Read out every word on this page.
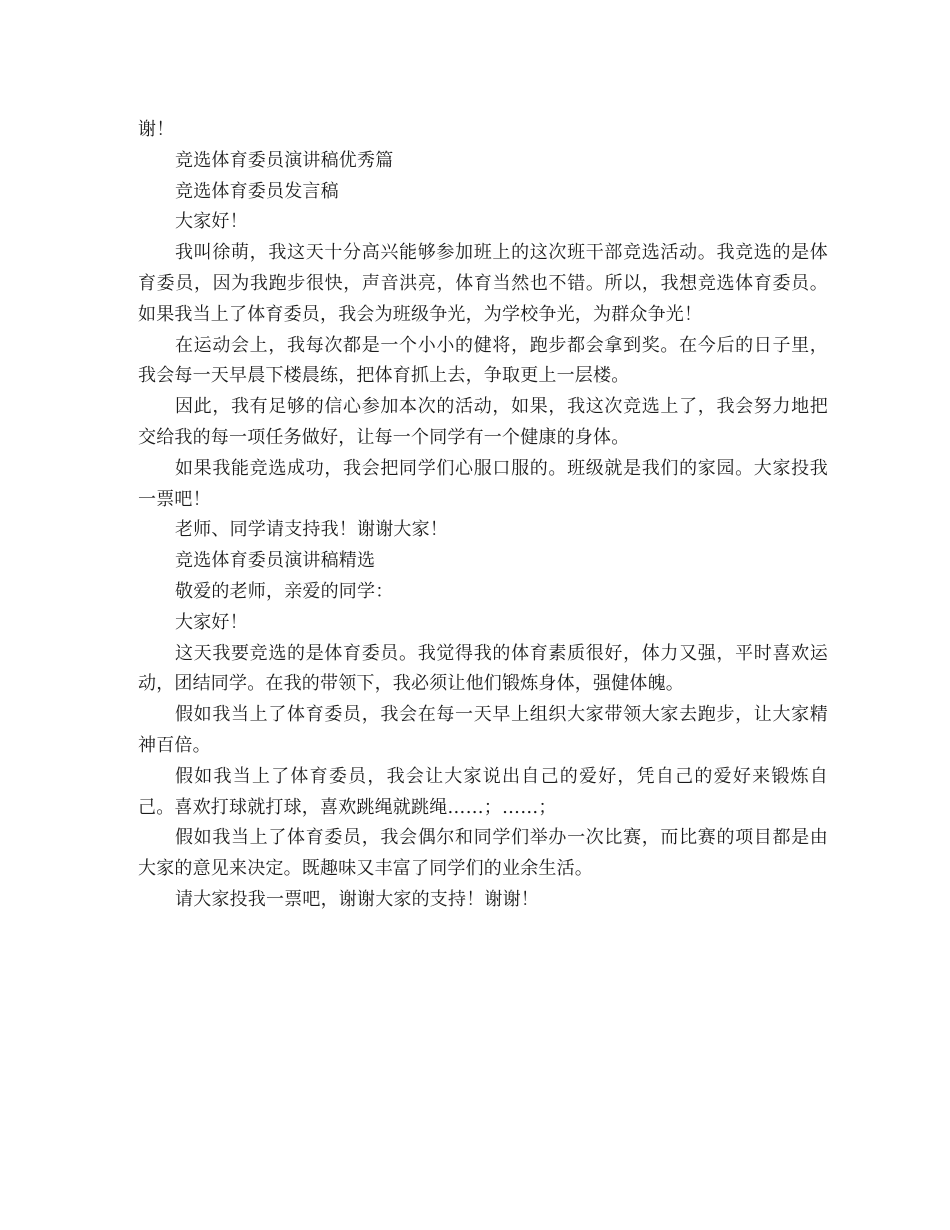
谢！

竞选体育委员演讲稿优秀篇

竞选体育委员发言稿

大家好！

我叫徐萌，我这天十分高兴能够参加班上的这次班干部竞选活动。我竞选的是体育委员，因为我跑步很快，声音洪亮，体育当然也不错。所以，我想竞选体育委员。如果我当上了体育委员，我会为班级争光，为学校争光，为群众争光！

在运动会上，我每次都是一个小小的健将，跑步都会拿到奖。在今后的日子里，我会每一天早晨下楼晨练，把体育抓上去，争取更上一层楼。

因此，我有足够的信心参加本次的活动，如果，我这次竞选上了，我会努力地把交给我的每一项任务做好，让每一个同学有一个健康的身体。

如果我能竞选成功，我会把同学们心服口服的。班级就是我们的家园。大家投我一票吧！

老师、同学请支持我！谢谢大家！

竞选体育委员演讲稿精选

敬爱的老师，亲爱的同学：

大家好！

这天我要竞选的是体育委员。我觉得我的体育素质很好，体力又强，平时喜欢运动，团结同学。在我的带领下，我必须让他们锻炼身体，强健体魄。

假如我当上了体育委员，我会在每一天早上组织大家带领大家去跑步，让大家精神百倍。

假如我当上了体育委员，我会让大家说出自己的爱好，凭自己的爱好来锻炼自己。喜欢打球就打球，喜欢跳绳就跳绳……；……；

假如我当上了体育委员，我会偶尔和同学们举办一次比赛，而比赛的项目都是由大家的意见来决定。既趣味又丰富了同学们的业余生活。

请大家投我一票吧，谢谢大家的支持！谢谢！
